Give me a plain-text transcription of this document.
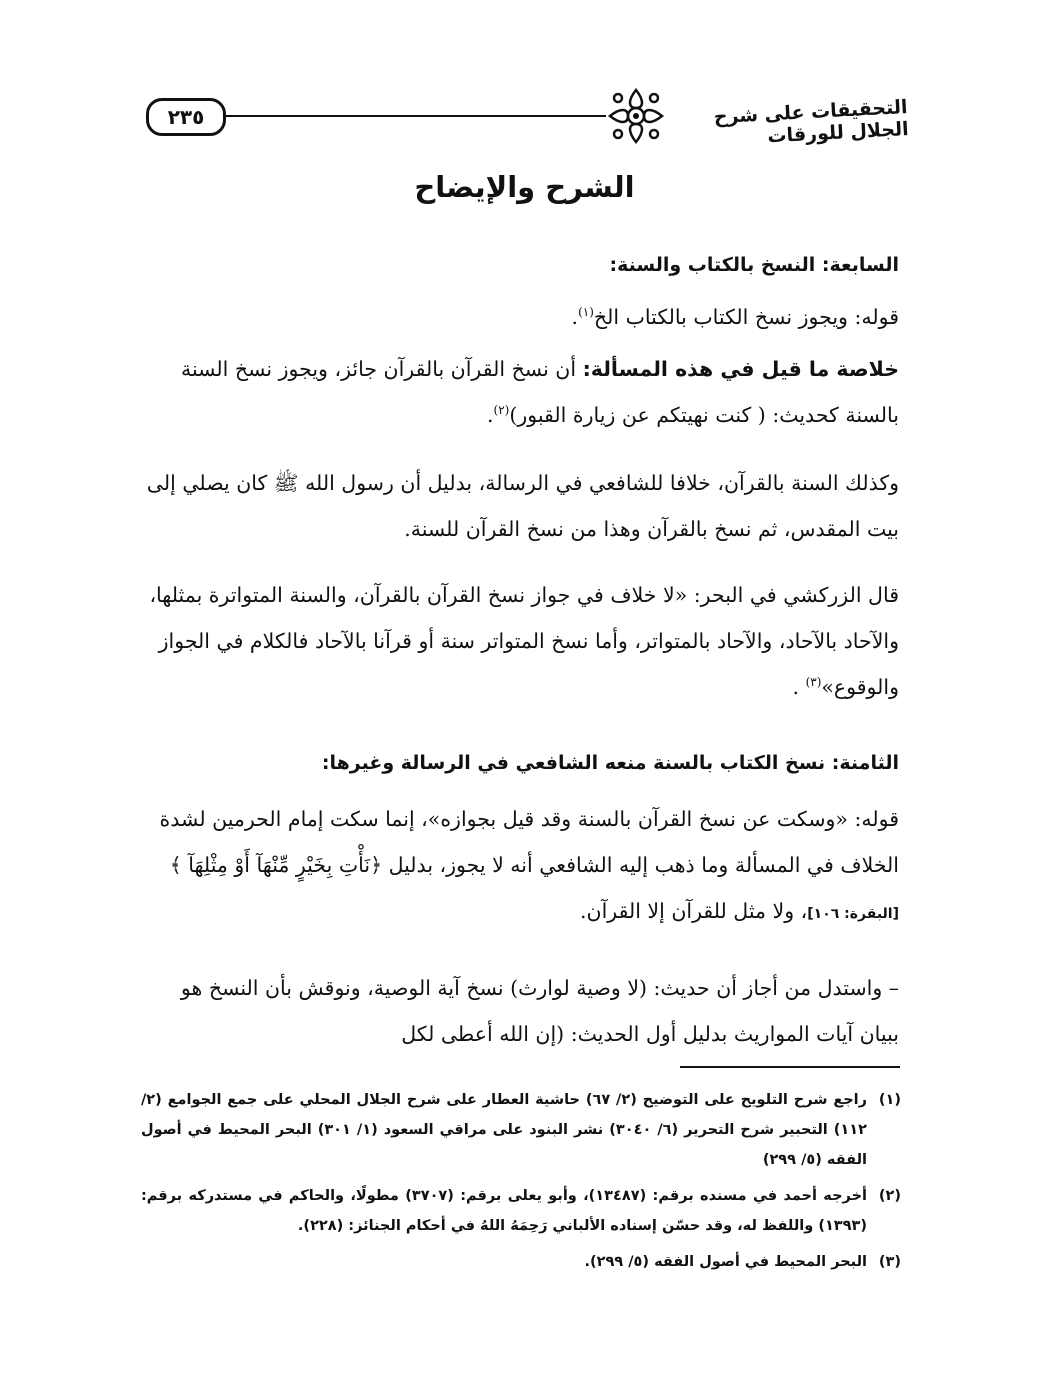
٢٣٥	التحقيقات على شرح الجلال للورقات
الشرح والإيضاح

السابعة: النسخ بالكتاب والسنة:

قوله: ويجوز نسخ الكتاب بالكتاب الخ$^{(١)}$.

خلاصة ما قيل في هذه المسألة: أن نسخ القرآن بالقرآن جائز، ويجوز نسخ السنة بالسنة كحديث: ( كنت نهيتكم عن زيارة القبور)$^{(٢)}$.

وكذلك السنة بالقرآن، خلافا للشافعي في الرسالة، بدليل أن رسول الله ﷺ كان يصلي إلى بيت المقدس، ثم نسخ بالقرآن وهذا من نسخ القرآن للسنة.

قال الزركشي في البحر: «لا خلاف في جواز نسخ القرآن بالقرآن، والسنة المتواترة بمثلها، والآحاد بالآحاد، والآحاد بالمتواتر، وأما نسخ المتواتر سنة أو قرآنا بالآحاد فالكلام في الجواز والوقوع»$^{(٣)}$ .

الثامنة: نسخ الكتاب بالسنة منعه الشافعي في الرسالة وغيرها:

قوله: «وسكت عن نسخ القرآن بالسنة وقد قيل بجوازه»، إنما سكت إمام الحرمين لشدة الخلاف في المسألة وما ذهب إليه الشافعي أنه لا يجوز، بدليل ﴿نَأْتِ بِخَيْرٍ مِّنْهَآ أَوْ مِثْلِهَآ ﴾ [البقرة: ١٠٦]، ولا مثل للقرآن إلا القرآن.

– واستدل من أجاز أن حديث: (لا وصية لوارث) نسخ آية الوصية، ونوقش بأن النسخ هو ببيان آيات المواريث بدليل أول الحديث: (إن الله أعطى لكل

(١)
راجع شرح التلويح على التوضيح (٢/ ٦٧) حاشية العطار على شرح الجلال المحلي على جمع الجوامع (٢/ ١١٢) التحبير شرح التحرير (٦/ ٣٠٤٠) نشر البنود على مراقي السعود (١/ ٣٠١) البحر المحيط في أصول الفقه (٥/ ٢٩٩)

(٢)
أخرجه أحمد في مسنده برقم: (١٣٤٨٧)، وأبو يعلى برقم: (٣٧٠٧) مطولًا، والحاكم في مستدركه برقم: (١٣٩٣) واللفظ له، وقد حسّن إسناده الألباني رَحِمَهُ اللهُ في أحكام الجنائز: (٢٢٨).

(٣)
البحر المحيط في أصول الفقه (٥/ ٢٩٩).
